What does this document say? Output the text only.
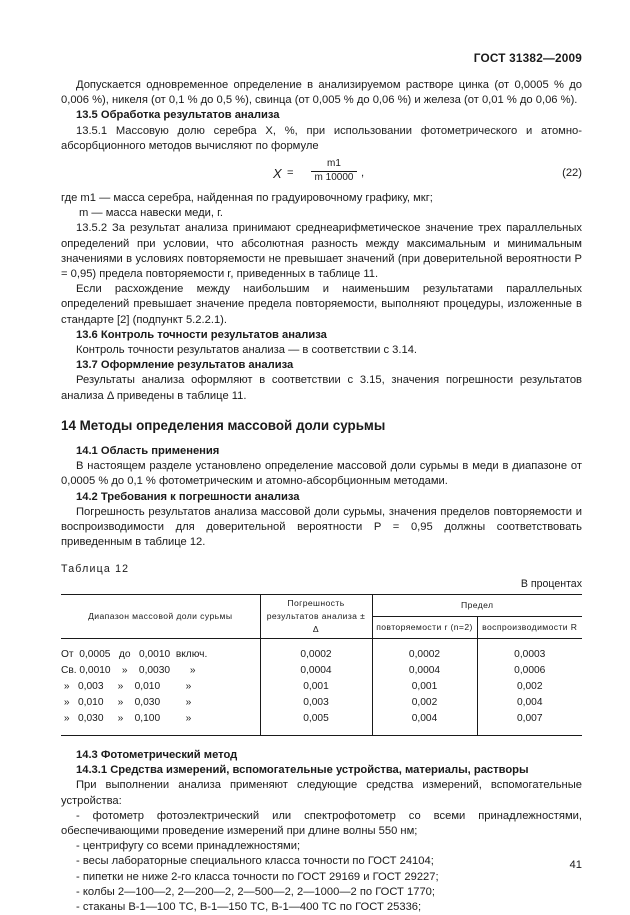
ГОСТ 31382—2009

Допускается одновременное определение в анализируемом растворе цинка (от 0,0005 % до 0,006 %), никеля (от 0,1 % до 0,5 %), свинца (от 0,005 % до 0,06 %) и железа (от 0,01 % до 0,06 %).

13.5 Обработка результатов анализа

13.5.1 Массовую долю серебра X, %, при использовании фотометрического и атомно-абсорбционного методов вычисляют по формуле

$X = \frac{m1}{m 10000}$ ,	(22)

где m1 — масса серебра, найденная по градуировочному графику, мкг;

m — масса навески меди, г.

13.5.2 За результат анализа принимают среднеарифметическое значение трех параллельных определений при условии, что абсолютная разность между максимальным и минимальным значениями в условиях повторяемости не превышает значений (при доверительной вероятности P = 0,95) предела повторяемости r, приведенных в таблице 11.

Если расхождение между наибольшим и наименьшим результатами параллельных определений превышает значение предела повторяемости, выполняют процедуры, изложенные в стандарте [2] (подпункт 5.2.2.1).

13.6 Контроль точности результатов анализа

Контроль точности результатов анализа — в соответствии с 3.14.

13.7 Оформление результатов анализа

Результаты анализа оформляют в соответствии с 3.15, значения погрешности результатов анализа Δ приведены в таблице 11.

14 Методы определения массовой доли сурьмы

14.1 Область применения

В настоящем разделе установлено определение массовой доли сурьмы в меди в диапазоне от 0,0005 % до 0,1 % фотометрическим и атомно-абсорбционным методами.

14.2 Требования к погрешности анализа

Погрешность результатов анализа массовой доли сурьмы, значения пределов повторяемости и воспроизводимости для доверительной вероятности P = 0,95 должны соответствовать приведенным в таблице 12.

Таблица 12
В процентах
Диапазон массовой доли сурьмы	Погрешность результатов анализа ± Δ	Предел	
		повторяемости r (n=2)	воспроизводимости R

От  0,0005   до   0,0010  включ.	0,0002	0,0002	0,0003
Св. 0,0010    »    0,0030       »	0,0004	0,0004	0,0006
»   0,003     »    0,010         »	0,001	0,001	0,002
»   0,010     »    0,030         »	0,003	0,002	0,004
»   0,030     »    0,100         »	0,005	0,004	0,007

14.3 Фотометрический метод

14.3.1 Средства измерений, вспомогательные устройства, материалы, растворы

При выполнении анализа применяют следующие средства измерений, вспомогательные устройства:

- фотометр фотоэлектрический или спектрофотометр со всеми принадлежностями, обеспечивающими проведение измерений при длине волны 550 нм;

- центрифугу со всеми принадлежностями;

- весы лабораторные специального класса точности по ГОСТ 24104;

- пипетки не ниже 2-го класса точности по ГОСТ 29169 и ГОСТ 29227;

- колбы 2—100—2, 2—200—2, 2—500—2, 2—1000—2 по ГОСТ 1770;

- стаканы В-1—100 ТС, В-1—150 ТС, В-1—400 ТС по ГОСТ 25336;

41
